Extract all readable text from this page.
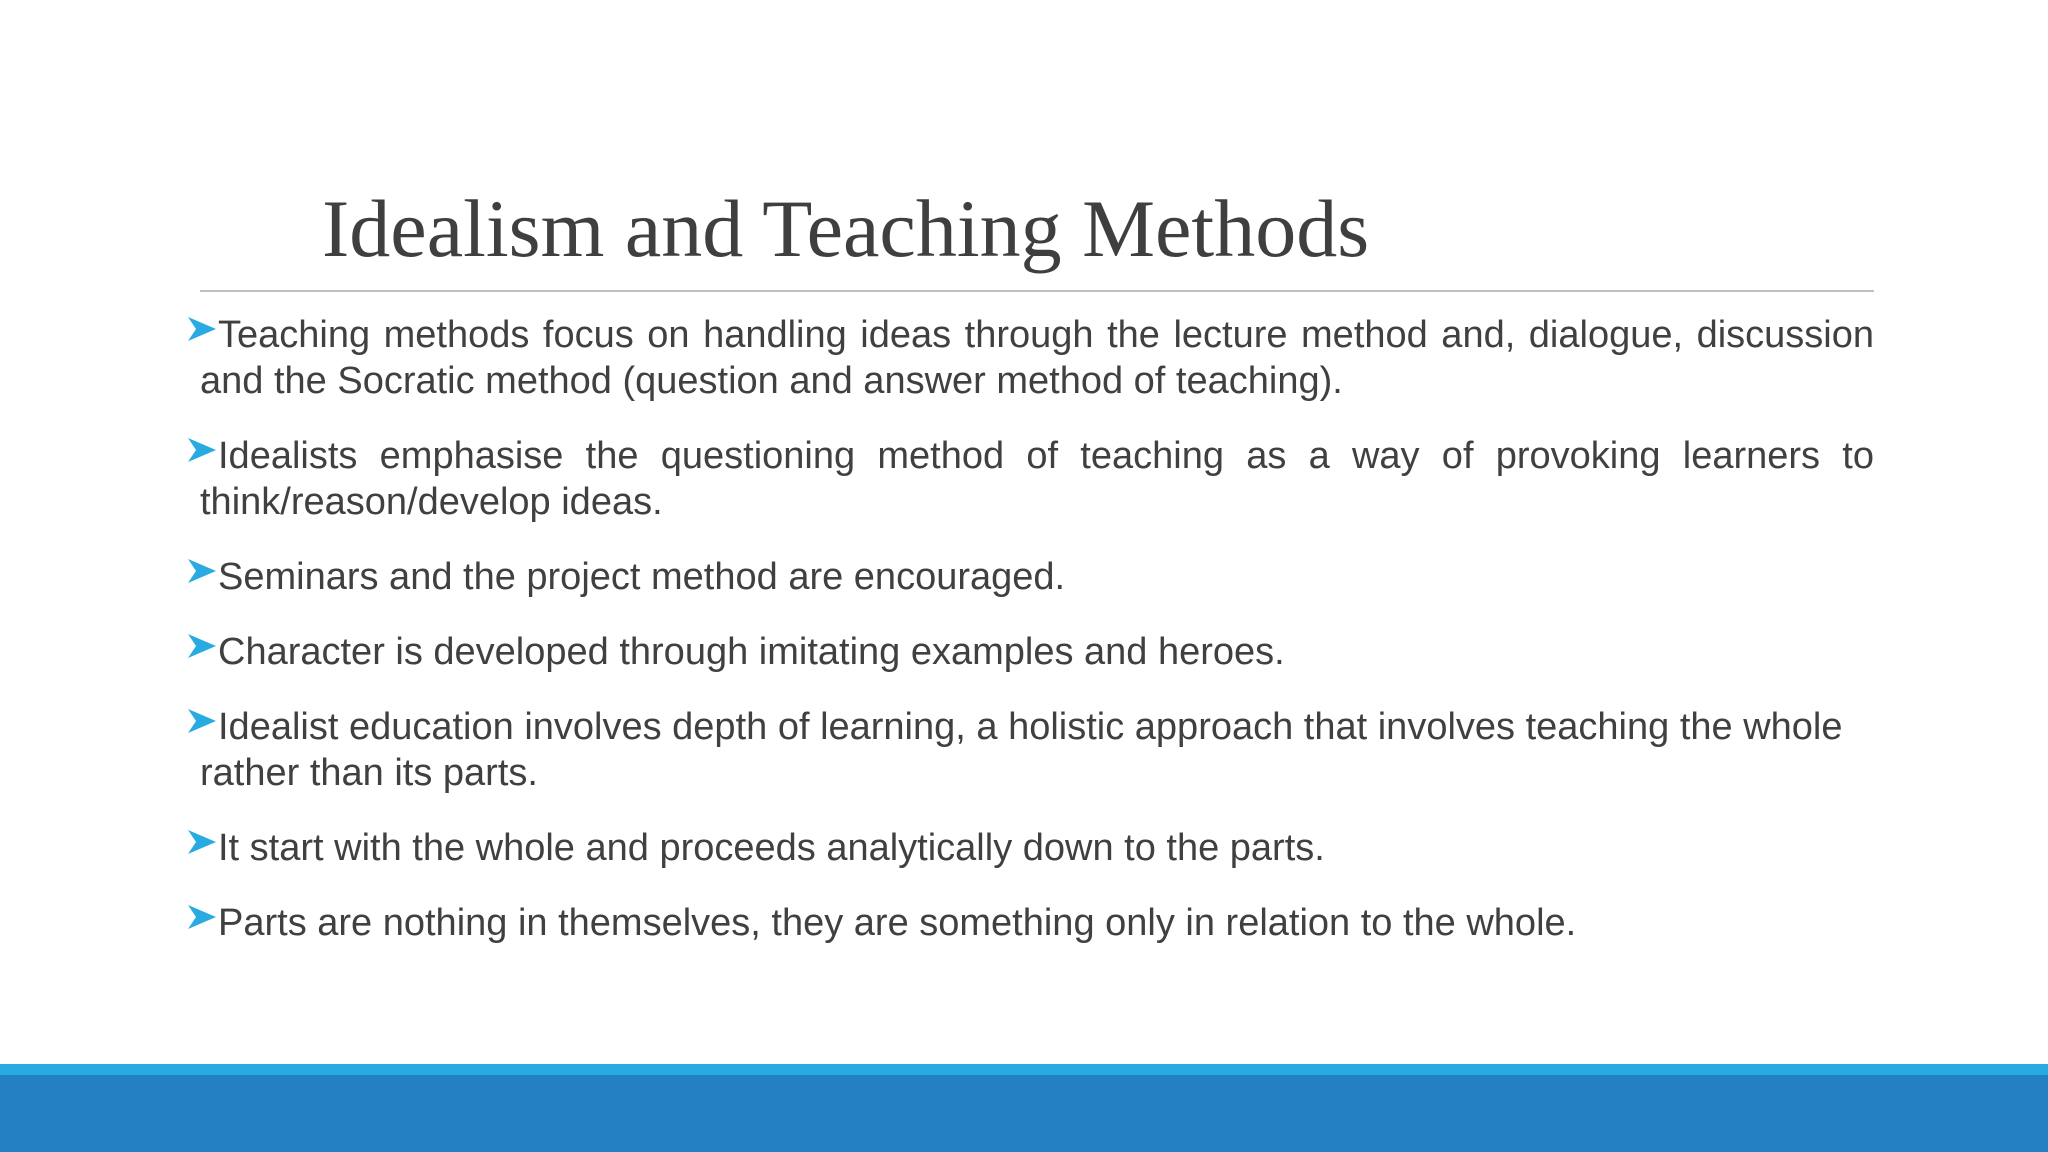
Idealism and Teaching Methods
Teaching methods focus on handling ideas through the lecture method and, dialogue, discussion and the Socratic method (question and answer method of teaching).
Idealists emphasise the questioning method of teaching as a way of provoking learners to think/reason/develop ideas.
Seminars and the project method are encouraged.
Character is developed through imitating examples and heroes.
Idealist education involves depth of learning, a holistic approach that involves teaching the whole rather than its parts.
It start with the whole and proceeds analytically down to the parts.
Parts are nothing in themselves, they are something only in relation to the whole.
